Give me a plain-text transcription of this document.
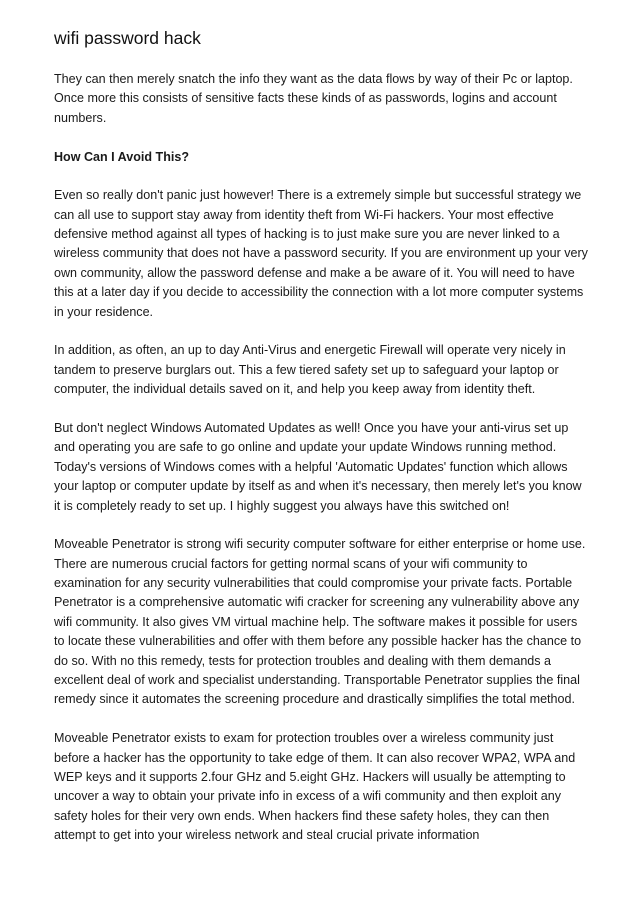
wifi password hack

They can then merely snatch the info they want as the data flows by way of their Pc or laptop. Once more this consists of sensitive facts these kinds of as passwords, logins and account numbers.

How Can I Avoid This?

Even so really don't panic just however! There is a extremely simple but successful strategy we can all use to support stay away from identity theft from Wi-Fi hackers. Your most effective defensive method against all types of hacking is to just make sure you are never linked to a wireless community that does not have a password security. If you are environment up your very own community, allow the password defense and make a be aware of it. You will need to have this at a later day if you decide to accessibility the connection with a lot more computer systems in your residence.

In addition, as often, an up to day Anti-Virus and energetic Firewall will operate very nicely in tandem to preserve burglars out. This a few tiered safety set up to safeguard your laptop or computer, the individual details saved on it, and help you keep away from identity theft.

But don't neglect Windows Automated Updates as well! Once you have your anti-virus set up and operating you are safe to go online and update your update Windows running method. Today's versions of Windows comes with a helpful 'Automatic Updates' function which allows your laptop or computer update by itself as and when it's necessary, then merely let's you know it is completely ready to set up. I highly suggest you always have this switched on!

Moveable Penetrator is strong wifi security computer software for either enterprise or home use. There are numerous crucial factors for getting normal scans of your wifi community to examination for any security vulnerabilities that could compromise your private facts. Portable Penetrator is a comprehensive automatic wifi cracker for screening any vulnerability above any wifi community. It also gives VM virtual machine help. The software makes it possible for users to locate these vulnerabilities and offer with them before any possible hacker has the chance to do so. With no this remedy, tests for protection troubles and dealing with them demands a excellent deal of work and specialist understanding. Transportable Penetrator supplies the final remedy since it automates the screening procedure and drastically simplifies the total method.

Moveable Penetrator exists to exam for protection troubles over a wireless community just before a hacker has the opportunity to take edge of them. It can also recover WPA2, WPA and WEP keys and it supports 2.four GHz and 5.eight GHz. Hackers will usually be attempting to uncover a way to obtain your private info in excess of a wifi community and then exploit any safety holes for their very own ends. When hackers find these safety holes, they can then attempt to get into your wireless network and steal crucial private information
